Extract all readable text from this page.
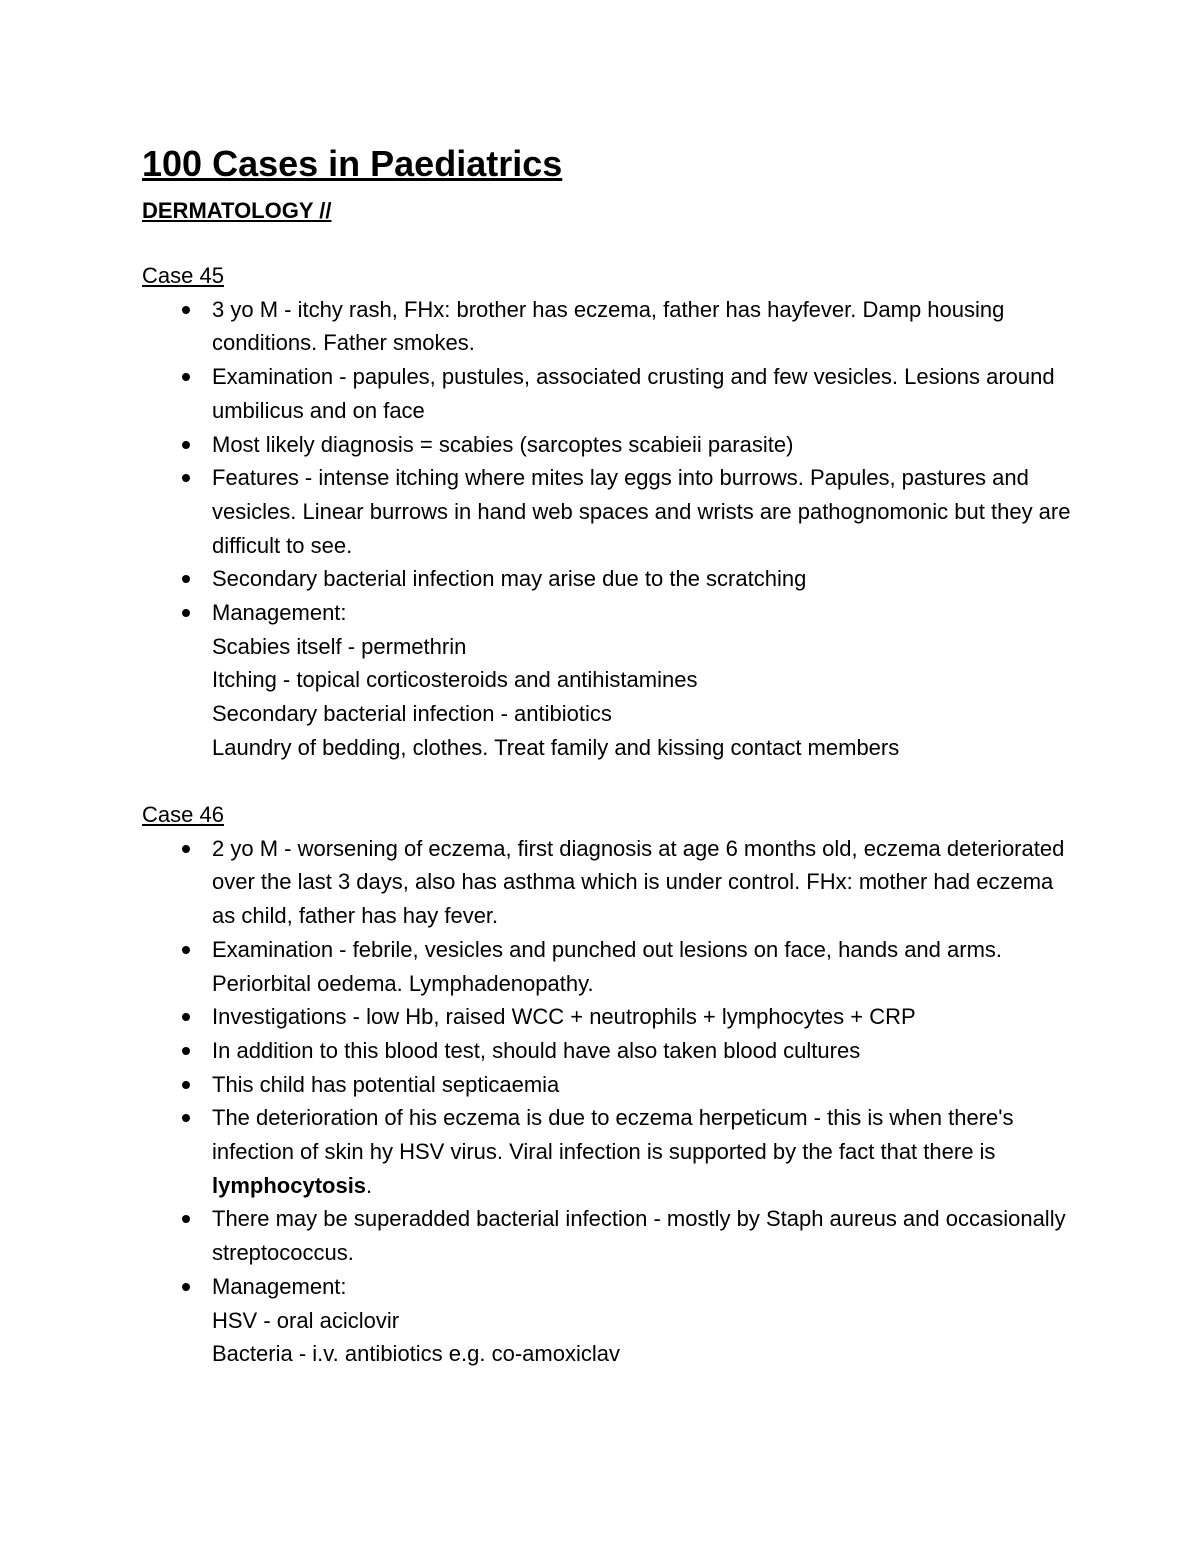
100 Cases in Paediatrics
DERMATOLOGY //
Case 45
3 yo M - itchy rash, FHx: brother has eczema, father has hayfever. Damp housing conditions. Father smokes.
Examination - papules, pustules, associated crusting and few vesicles. Lesions around umbilicus and on face
Most likely diagnosis = scabies (sarcoptes scabieii parasite)
Features - intense itching where mites lay eggs into burrows. Papules, pastures and vesicles. Linear burrows in hand web spaces and wrists are pathognomonic but they are difficult to see.
Secondary bacterial infection may arise due to the scratching
Management:
Scabies itself - permethrin
Itching - topical corticosteroids and antihistamines
Secondary bacterial infection - antibiotics
Laundry of bedding, clothes. Treat family and kissing contact members
Case 46
2 yo M - worsening of eczema, first diagnosis at age 6 months old, eczema deteriorated over the last 3 days, also has asthma which is under control. FHx: mother had eczema as child, father has hay fever.
Examination - febrile, vesicles and punched out lesions on face, hands and arms. Periorbital oedema. Lymphadenopathy.
Investigations - low Hb, raised WCC + neutrophils + lymphocytes + CRP
In addition to this blood test, should have also taken blood cultures
This child has potential septicaemia
The deterioration of his eczema is due to eczema herpeticum - this is when there's infection of skin hy HSV virus. Viral infection is supported by the fact that there is lymphocytosis.
There may be superadded bacterial infection - mostly by Staph aureus and occasionally streptococcus.
Management:
HSV - oral aciclovir
Bacteria - i.v. antibiotics e.g. co-amoxiclav
